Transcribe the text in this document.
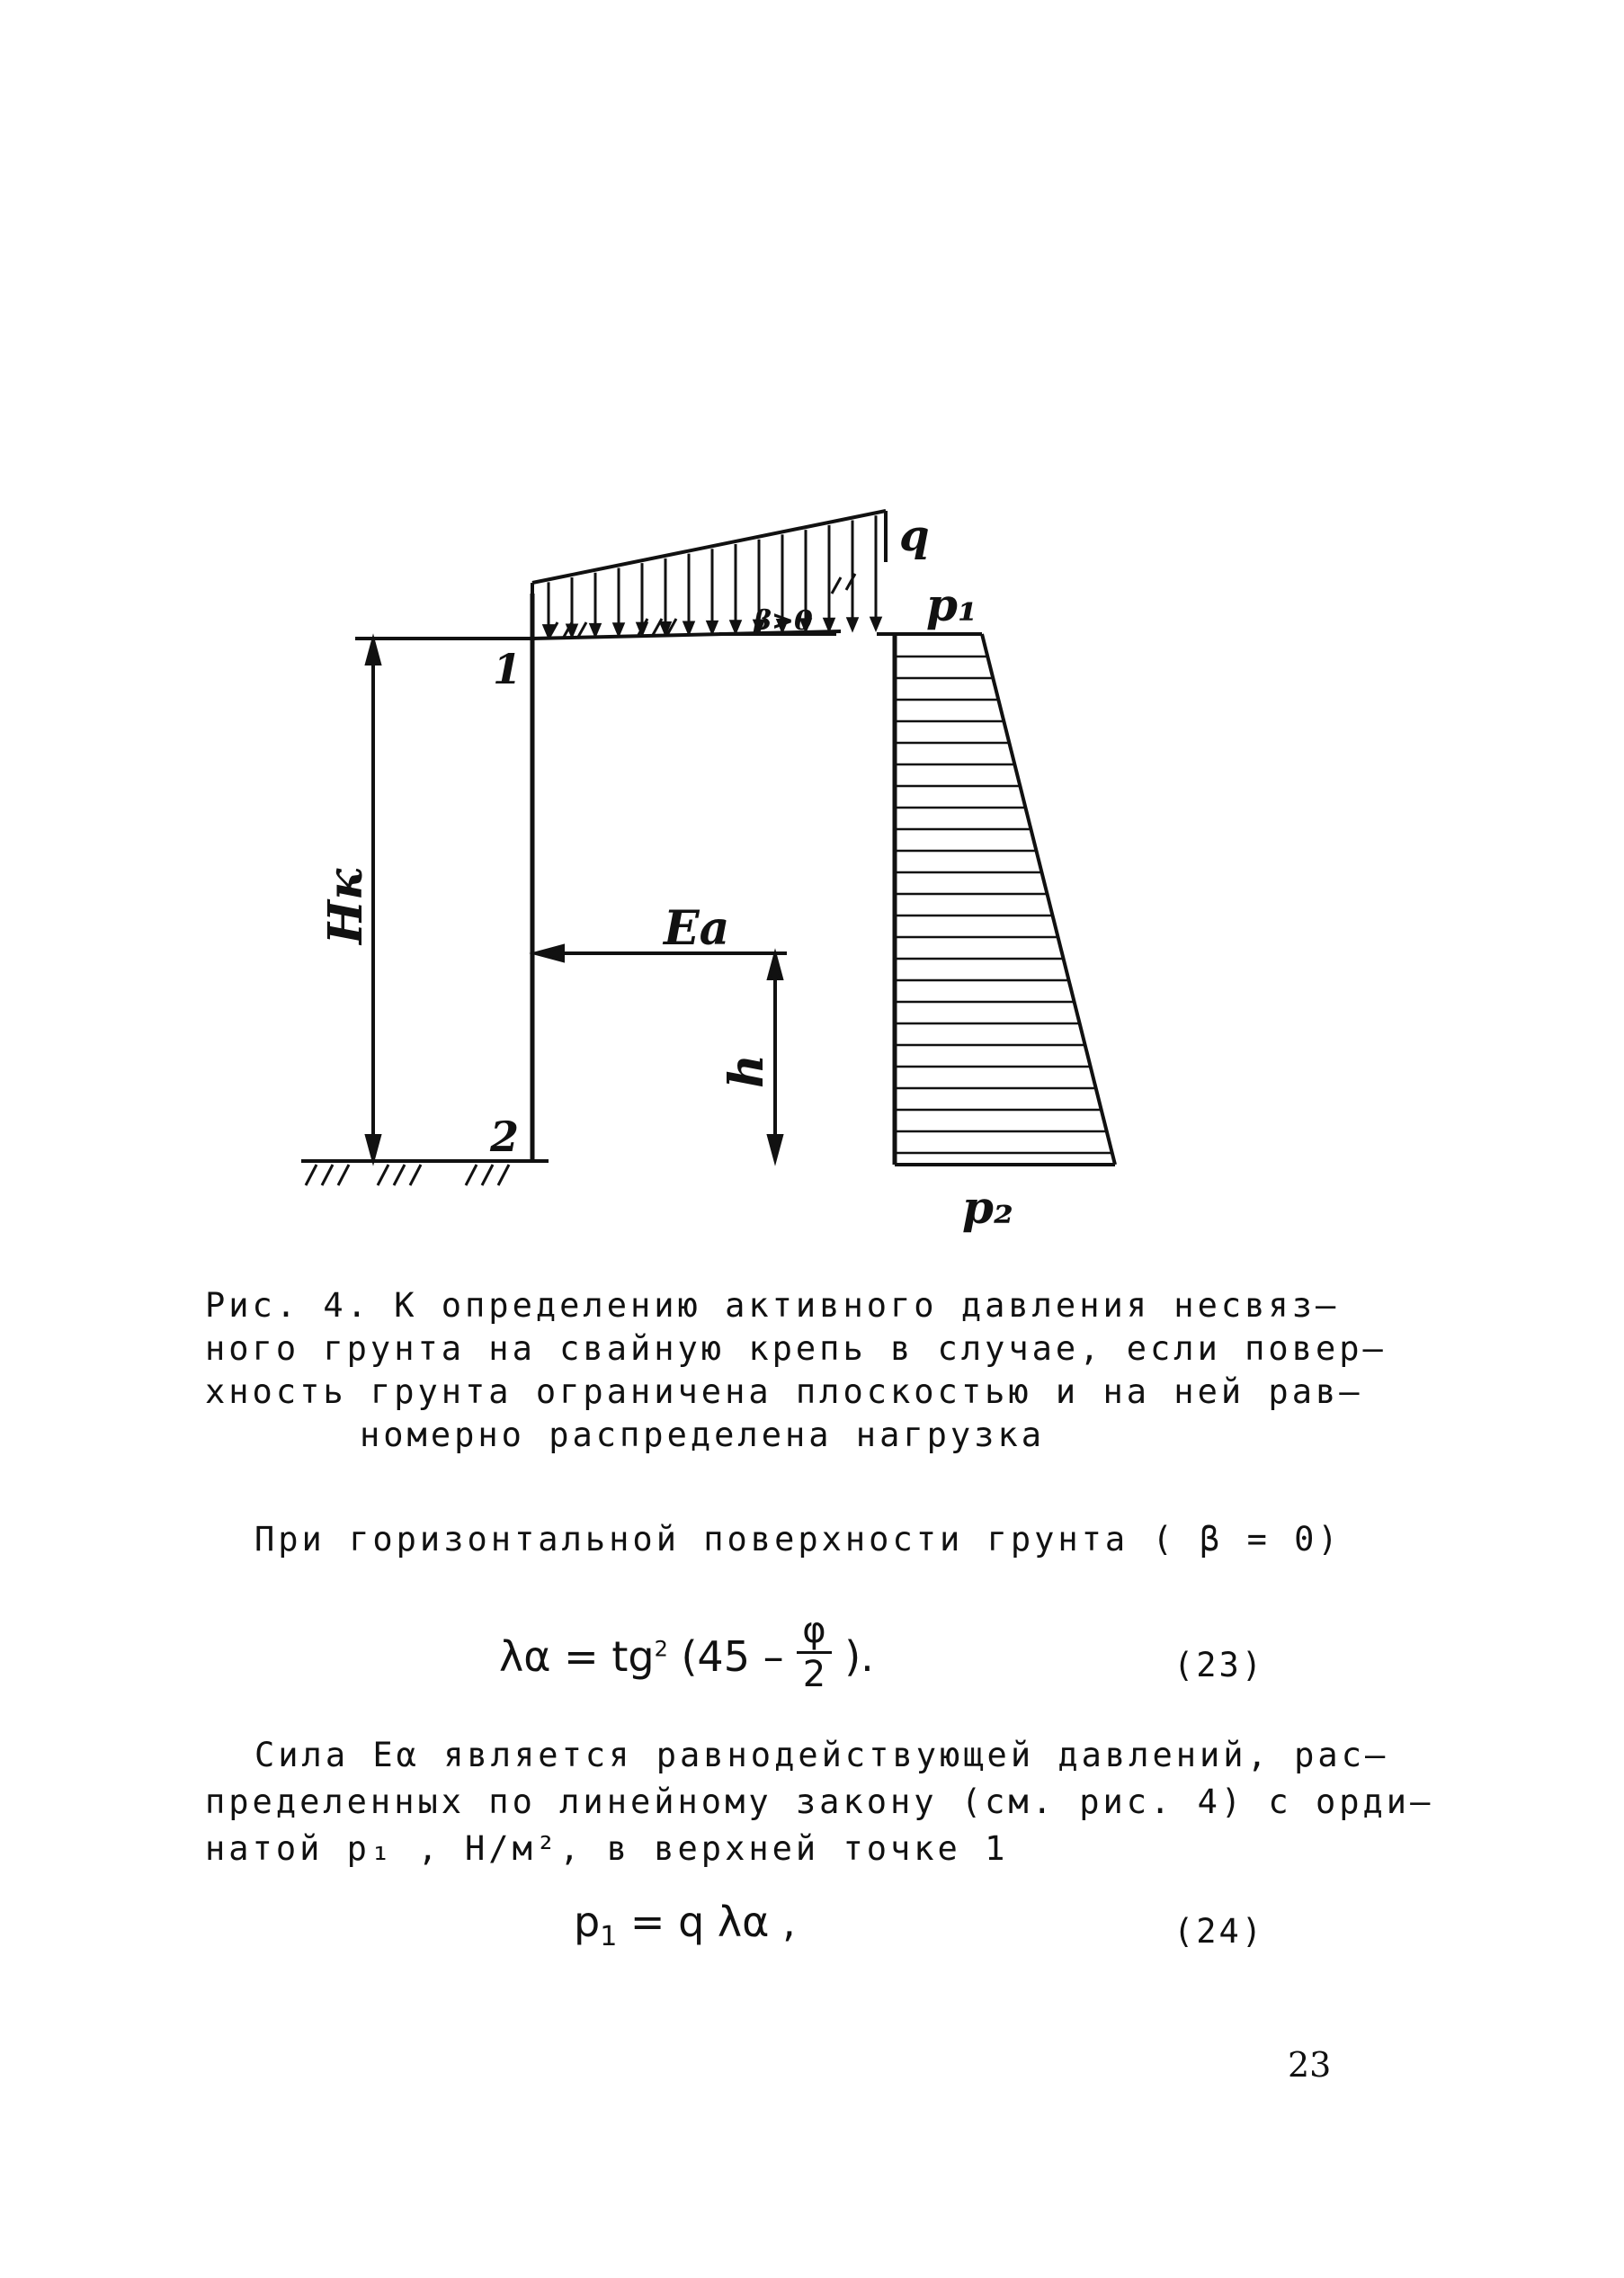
q
β>0	p₁
1
2
Hк	Ea
h
p₂

Рис. 4. К определению активного давления несвяз–
ного грунта на свайную крепь в случае, если повер–
хность грунта ограничена плоскостью и на ней рав–
номерно распределена нагрузка

При горизонтальной поверхности грунта ( β = 0)

$\lambda\alpha = tg^2$ ($45 - \frac{\varphi}{2}$ ).	(23)

Сила Eα является равнодействующей давлений, рас–

пределенных по линейному закону (см. рис. 4) с орди–

натой p₁ , Н/м², в верхней точке 1

$p_1 = q$ λα ,	(24)
23
